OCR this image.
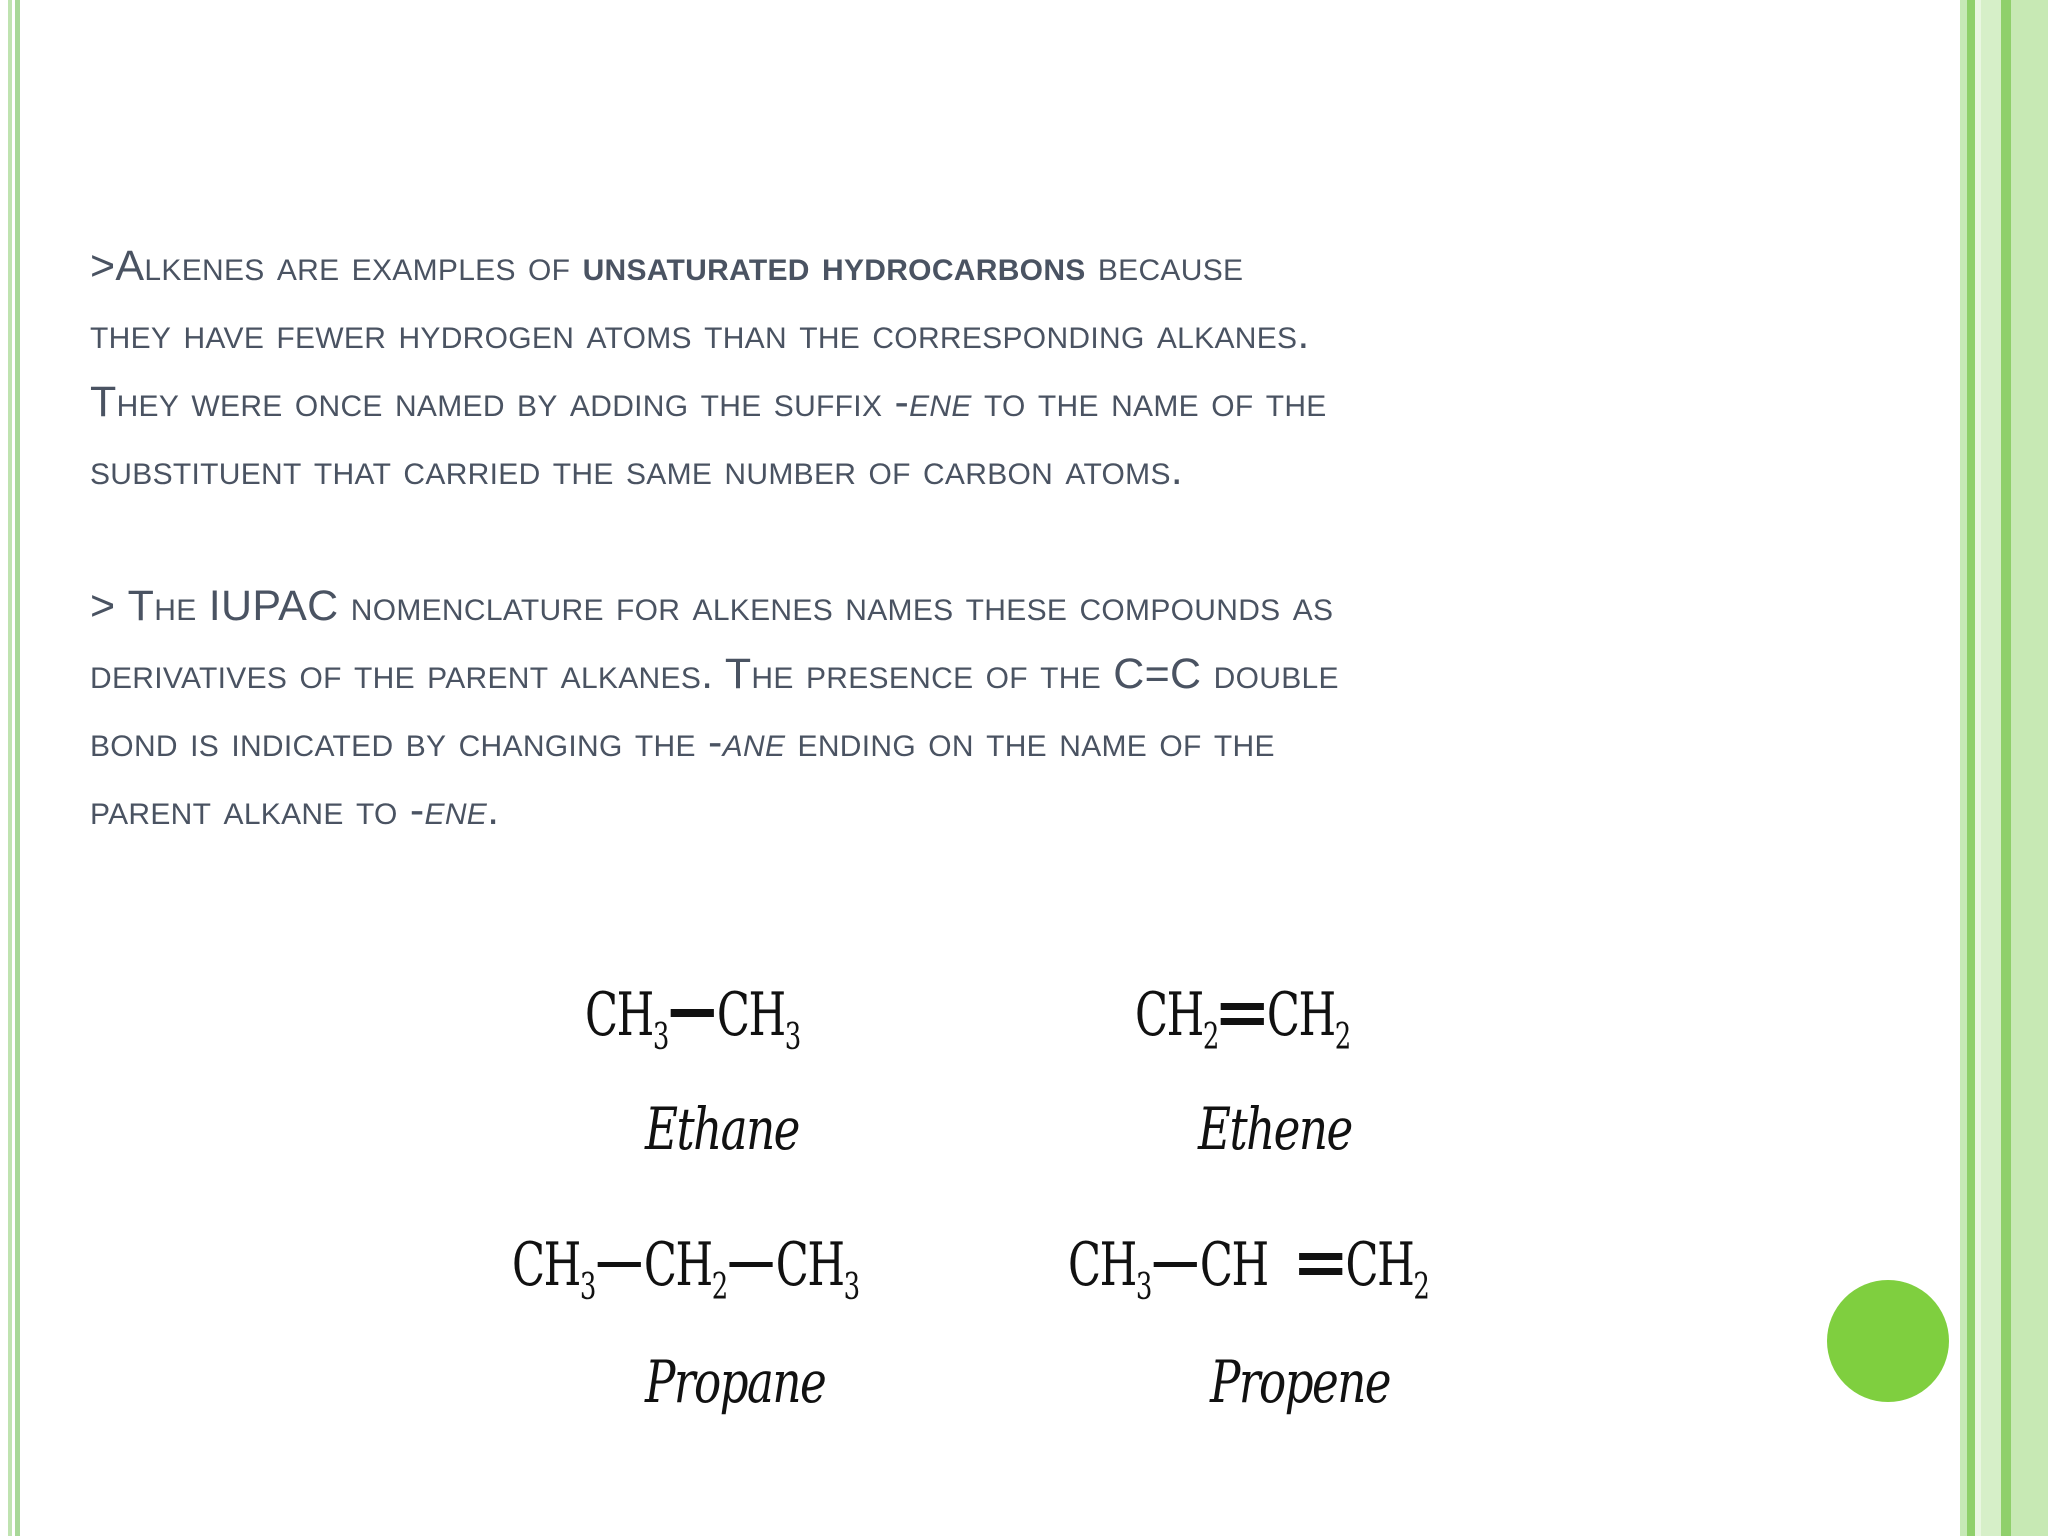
>Alkenes are examples of unsaturated hydrocarbons because
they have fewer hydrogen atoms than the corresponding alkanes.
They were once named by adding the suffix -ene to the name of the
substituent that carried the same number of carbon atoms.
> The IUPAC nomenclature for alkenes names these compounds as
derivatives of the parent alkanes. The presence of the C=C double
bond is indicated by changing the -ane ending on the name of the
parent alkane to -ene.
$CH_3$ $CH_3$
Ethane
$CH_2$ $CH_2$
Ethene
$CH_3$ $CH_2$ $CH_3$
Propane
$CH_3$ CH $CH_2$
Propene
